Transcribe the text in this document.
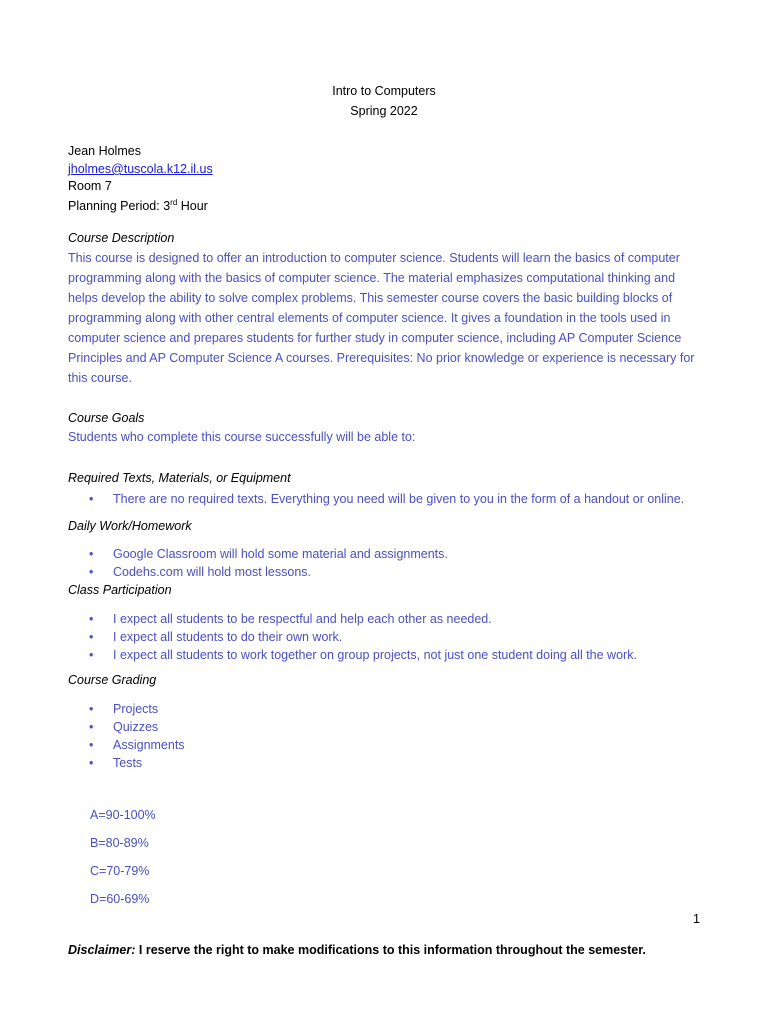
Intro to Computers
Spring 2022
Jean Holmes
jholmes@tuscola.k12.il.us
Room 7
Planning Period: 3rd Hour
Course Description
This course is designed to offer an introduction to computer science. Students will learn the basics of computer
programming along with the basics of computer science. The material emphasizes computational thinking and
helps develop the ability to solve complex problems. This semester course covers the basic building blocks of
programming along with other central elements of computer science. It gives a foundation in the tools used in
computer science and prepares students for further study in computer science, including AP Computer Science
Principles and AP Computer Science A courses. Prerequisites: No prior knowledge or experience is necessary for
this course.
Course Goals
Students who complete this course successfully will be able to:
Required Texts, Materials, or Equipment
• There are no required texts. Everything you need will be given to you in the form of a handout or online.
Daily Work/Homework
• Google Classroom will hold some material and assignments.
• Codehs.com will hold most lessons.
Class Participation
• I expect all students to be respectful and help each other as needed.
• I expect all students to do their own work.
• I expect all students to work together on group projects, not just one student doing all the work.
Course Grading
• Projects
• Quizzes
• Assignments
• Tests
A=90-100%
B=80-89%
C=70-79%
D=60-69%
1
Disclaimer: I reserve the right to make modifications to this information throughout the semester.
